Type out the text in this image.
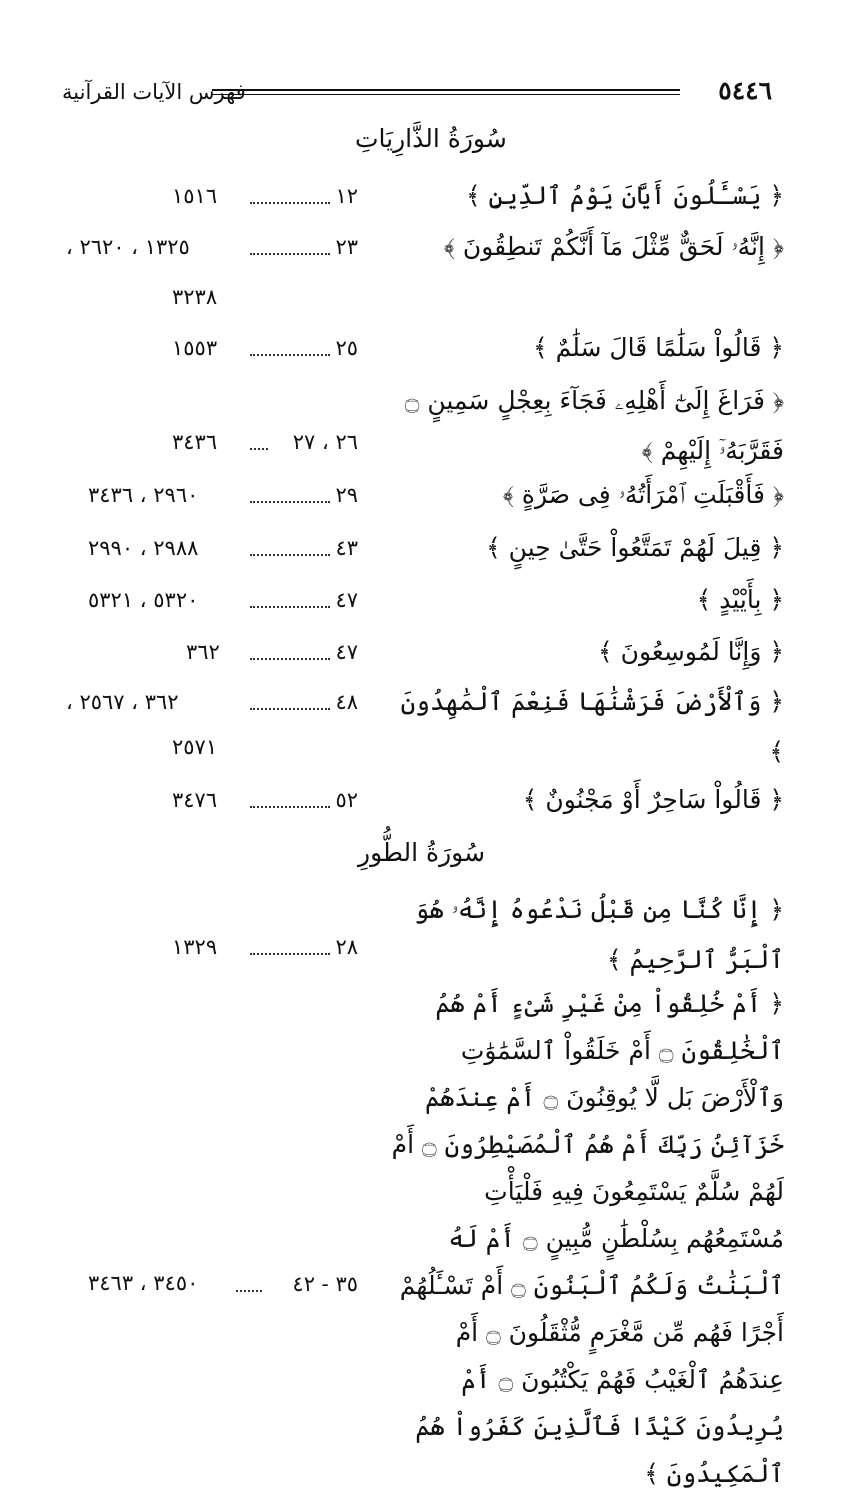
فهرس الآيات القرآنية	٥٤٤٦
سُورَةُ الذَّارِيَاتِ
سُورَةُ الطُّورِ
﴿ يَسْـَٔلُونَ أَيَّانَ يَوْمُ ٱلدِّينِ ﴾
١٢
١٥١٦
﴿ إِنَّهُۥ لَحَقٌّ مِّثْلَ مَآ أَنَّكُمْ تَنطِقُونَ ﴾
٢٣
١٣٢٥ ، ٢٦٢٠ ،
٣٢٣٨
﴿ قَالُواْ سَلَٰمًا قَالَ سَلَٰمٌ ﴾
٢٥
١٥٥٣
﴿ فَرَاغَ إِلَىٰٓ أَهْلِهِۦ فَجَآءَ بِعِجْلٍ سَمِينٍ ۝ فَقَرَّبَهُۥٓ إِلَيْهِمْ ﴾
٢٦ ، ٢٧
٣٤٣٦
﴿ فَأَقْبَلَتِ ٱمْرَأَتُهُۥ فِى صَرَّةٍ ﴾
٢٩
٢٩٦٠ ، ٣٤٣٦
﴿ قِيلَ لَهُمْ تَمَتَّعُواْ حَتَّىٰ حِينٍ ﴾
٤٣
٢٩٨٨ ، ٢٩٩٠
﴿ بِأَيْيْدٍ ﴾
٤٧
٥٣٢٠ ، ٥٣٢١
﴿ وَإِنَّا لَمُوسِعُونَ ﴾
٤٧
٣٦٢
﴿ وَٱلْأَرْضَ فَرَشْنَٰهَا فَنِعْمَ ٱلْمَٰهِدُونَ ﴾
٤٨
٣٦٢ ، ٢٥٦٧ ،
٢٥٧١
﴿ قَالُواْ سَاحِرٌ أَوْ مَجْنُونٌ ﴾
٥٢
٣٤٧٦
﴿ إِنَّا كُنَّا مِن قَبْلُ نَدْعُوهُ إِنَّهُۥ هُوَ ٱلْبَرُّ ٱلرَّحِيمُ ﴾
٢٨
١٣٢٩
﴿ أَمْ خُلِقُواْ مِنْ غَيْرِ شَىْءٍ أَمْ هُمُ ٱلْخَٰلِقُونَ ۝ أَمْ خَلَقُواْ ٱلسَّمَٰوَٰتِ وَٱلْأَرْضَ بَل لَّا يُوقِنُونَ ۝ أَمْ عِندَهُمْ خَزَآئِنُ رَبِّكَ أَمْ هُمُ ٱلْمُصَيْطِرُونَ ۝ أَمْ لَهُمْ سُلَّمٌ يَسْتَمِعُونَ فِيهِ فَلْيَأْتِ مُسْتَمِعُهُم بِسُلْطَٰنٍ مُّبِينٍ ۝ أَمْ لَهُ ٱلْبَنَٰتُ وَلَكُمُ ٱلْبَنُونَ ۝ أَمْ تَسْـَٔلُهُمْ أَجْرًا فَهُم مِّن مَّغْرَمٍ مُّثْقَلُونَ ۝ أَمْ عِندَهُمُ ٱلْغَيْبُ فَهُمْ يَكْتُبُونَ ۝ أَمْ يُرِيدُونَ كَيْدًا فَٱلَّذِينَ كَفَرُواْ هُمُ ٱلْمَكِيدُونَ ﴾
٣٥ - ٤٢
٣٤٥٠ ، ٣٤٦٣
